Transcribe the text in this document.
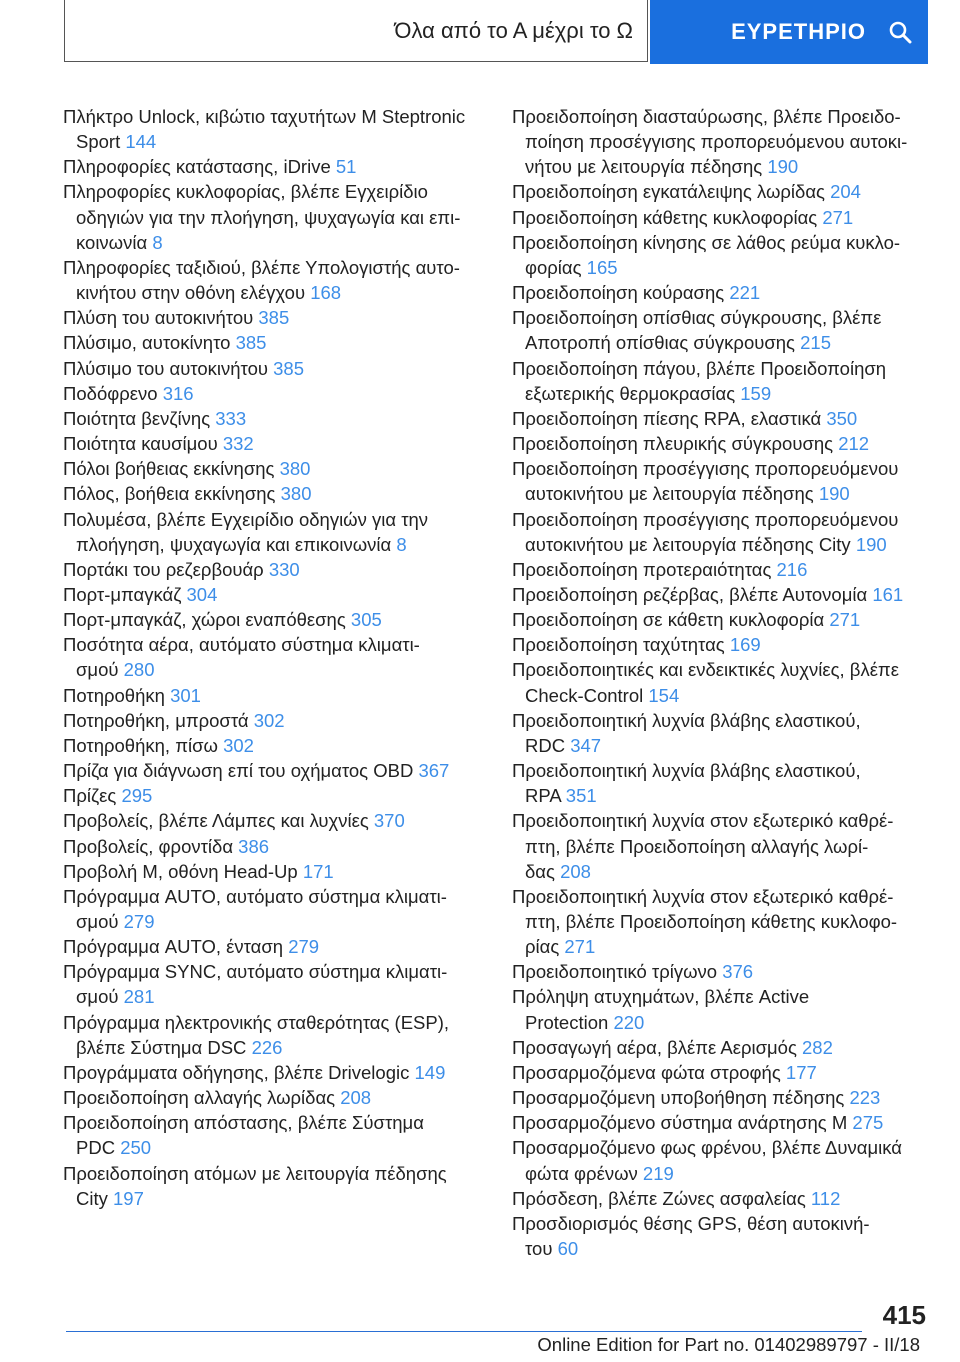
Όλα από το Α μέχρι το Ω	ΕΥΡΕΤΗΡΙΟ
Πλήκτρο Unlock, κιβώτιο ταχυτήτων M Steptronic
Sport 144
Πληροφορίες κατάστασης, iDrive 51
Πληροφορίες κυκλοφορίας, βλέπε Εγχειρίδιο
οδηγιών για την πλοήγηση, ψυχαγωγία και επι‐
κοινωνία 8
Πληροφορίες ταξιδιού, βλέπε Υπολογιστής αυτο‐
κινήτου στην οθόνη ελέγχου 168
Πλύση του αυτοκινήτου 385
Πλύσιμο, αυτοκίνητο 385
Πλύσιμο του αυτοκινήτου 385
Ποδόφρενο 316
Ποιότητα βενζίνης 333
Ποιότητα καυσίμου 332
Πόλοι βοήθειας εκκίνησης 380
Πόλος, βοήθεια εκκίνησης 380
Πολυμέσα, βλέπε Εγχειρίδιο οδηγιών για την
πλοήγηση, ψυχαγωγία και επικοινωνία 8
Πορτάκι του ρεζερβουάρ 330
Πορτ-μπαγκάζ 304
Πορτ-μπαγκάζ, χώροι εναπόθεσης 305
Ποσότητα αέρα, αυτόματο σύστημα κλιματι‐
σμού 280
Ποτηροθήκη 301
Ποτηροθήκη, μπροστά 302
Ποτηροθήκη, πίσω 302
Πρίζα για διάγνωση επί του οχήματος OBD 367
Πρίζες 295
Προβολείς, βλέπε Λάμπες και λυχνίες 370
Προβολείς, φροντίδα 386
Προβολή M, οθόνη Head-Up 171
Πρόγραμμα AUTO, αυτόματο σύστημα κλιματι‐
σμού 279
Πρόγραμμα AUTO, ένταση 279
Πρόγραμμα SYNC, αυτόματο σύστημα κλιματι‐
σμού 281
Πρόγραμμα ηλεκτρονικής σταθερότητας (ESP),
βλέπε Σύστημα DSC 226
Προγράμματα οδήγησης, βλέπε Drivelogic 149
Προειδοποίηση αλλαγής λωρίδας 208
Προειδοποίηση απόστασης, βλέπε Σύστημα
PDC 250
Προειδοποίηση ατόμων με λειτουργία πέδησης
City 197
Προειδοποίηση διασταύρωσης, βλέπε Προειδο‐
ποίηση προσέγγισης προπορευόμενου αυτοκι‐
νήτου με λειτουργία πέδησης 190
Προειδοποίηση εγκατάλειψης λωρίδας 204
Προειδοποίηση κάθετης κυκλοφορίας 271
Προειδοποίηση κίνησης σε λάθος ρεύμα κυκλο‐
φορίας 165
Προειδοποίηση κούρασης 221
Προειδοποίηση οπίσθιας σύγκρουσης, βλέπε
Αποτροπή οπίσθιας σύγκρουσης 215
Προειδοποίηση πάγου, βλέπε Προειδοποίηση
εξωτερικής θερμοκρασίας 159
Προειδοποίηση πίεσης RPA, ελαστικά 350
Προειδοποίηση πλευρικής σύγκρουσης 212
Προειδοποίηση προσέγγισης προπορευόμενου
αυτοκινήτου με λειτουργία πέδησης 190
Προειδοποίηση προσέγγισης προπορευόμενου
αυτοκινήτου με λειτουργία πέδησης City 190
Προειδοποίηση προτεραιότητας 216
Προειδοποίηση ρεζέρβας, βλέπε Αυτονομία 161
Προειδοποίηση σε κάθετη κυκλοφορία 271
Προειδοποίηση ταχύτητας 169
Προειδοποιητικές και ενδεικτικές λυχνίες, βλέπε
Check-Control 154
Προειδοποιητική λυχνία βλάβης ελαστικού,
RDC 347
Προειδοποιητική λυχνία βλάβης ελαστικού,
RPA 351
Προειδοποιητική λυχνία στον εξωτερικό καθρέ‐
πτη, βλέπε Προειδοποίηση αλλαγής λωρί‐
δας 208
Προειδοποιητική λυχνία στον εξωτερικό καθρέ‐
πτη, βλέπε Προειδοποίηση κάθετης κυκλοφο‐
ρίας 271
Προειδοποιητικό τρίγωνο 376
Πρόληψη ατυχημάτων, βλέπε Active
Protection 220
Προσαγωγή αέρα, βλέπε Αερισμός 282
Προσαρμοζόμενα φώτα στροφής 177
Προσαρμοζόμενη υποβοήθηση πέδησης 223
Προσαρμοζόμενο σύστημα ανάρτησης M 275
Προσαρμοζόμενο φως φρένου, βλέπε Δυναμικά
φώτα φρένων 219
Πρόσδεση, βλέπε Ζώνες ασφαλείας 112
Προσδιορισμός θέσης GPS, θέση αυτοκινή‐
του 60
415
Online Edition for Part no. 01402989797 - II/18
